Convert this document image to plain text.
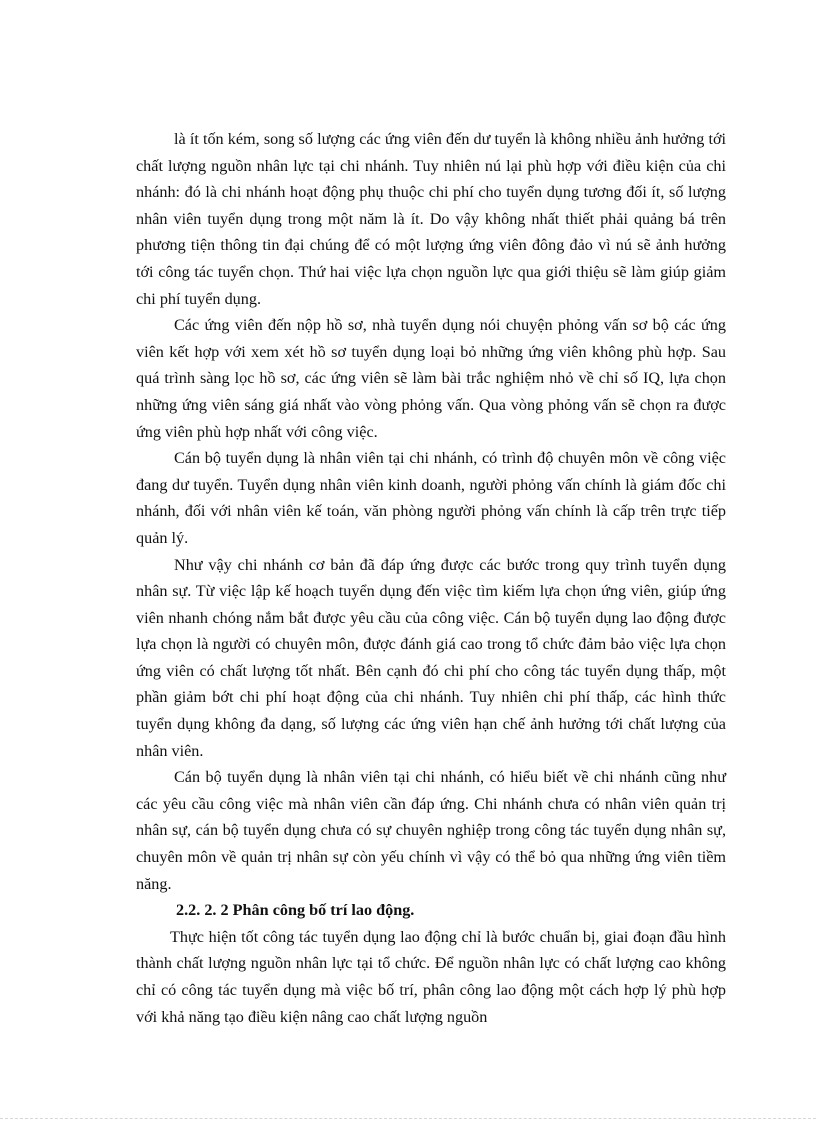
là ít tốn kém, song số lượng các ứng viên đến dư tuyển là không nhiều ảnh hưởng tới chất lượng nguồn nhân lực tại chi nhánh. Tuy nhiên nú lại phù hợp với điều kiện của chi nhánh: đó là chi nhánh hoạt động phụ thuộc chi phí cho tuyển dụng tương đối ít, số lượng nhân viên tuyển dụng trong một năm là ít. Do vậy không nhất thiết phải quảng bá trên phương tiện thông tin đại chúng để có một lượng ứng viên đông đảo vì nú sẽ ảnh hưởng tới công tác tuyển chọn. Thứ hai việc lựa chọn nguồn lực qua giới thiệu sẽ làm giúp giảm chi phí tuyển dụng.

Các ứng viên đến nộp hồ sơ, nhà tuyển dụng nói chuyện phỏng vấn sơ bộ các ứng viên kết hợp với xem xét hồ sơ tuyển dụng loại bỏ những ứng viên không phù hợp. Sau quá trình sàng lọc hồ sơ, các ứng viên sẽ làm bài trắc nghiệm nhỏ về chỉ số IQ, lựa chọn những ứng viên sáng giá nhất vào vòng phỏng vấn. Qua vòng phỏng vấn sẽ chọn ra được ứng viên phù hợp nhất với công việc.

Cán bộ tuyển dụng là nhân viên tại chi nhánh, có trình độ chuyên môn về công việc đang dư tuyển. Tuyển dụng nhân viên kinh doanh, người phỏng vấn chính là giám đốc chi nhánh, đối với nhân viên kế toán, văn phòng người phỏng vấn chính là cấp trên trực tiếp quản lý.

Như vậy chi nhánh cơ bản đã đáp ứng được các bước trong quy trình tuyển dụng nhân sự. Từ việc lập kế hoạch tuyển dụng đến việc tìm kiếm lựa chọn ứng viên, giúp ứng viên nhanh chóng nắm bắt được yêu cầu của công việc. Cán bộ tuyển dụng lao động được lựa chọn là người có chuyên môn, được đánh giá cao trong tổ chức đảm bảo việc lựa chọn ứng viên có chất lượng tốt nhất. Bên cạnh đó chi phí cho công tác tuyển dụng thấp, một phần giảm bớt chi phí hoạt động của chi nhánh. Tuy nhiên chi phí thấp, các hình thức tuyển dụng không đa dạng, số lượng các ứng viên hạn chế ảnh hưởng tới chất lượng của nhân viên.

Cán bộ tuyển dụng là nhân viên tại chi nhánh, có hiểu biết về chi nhánh cũng như các yêu cầu công việc mà nhân viên cần đáp ứng. Chi nhánh chưa có nhân viên quản trị nhân sự, cán bộ tuyển dụng chưa có sự chuyên nghiệp trong công tác tuyển dụng nhân sự, chuyên môn về quản trị nhân sự còn yếu chính vì vậy có thể bỏ qua những ứng viên tiềm năng.

2.2. 2. 2 Phân công bố trí lao động.

Thực hiện tốt công tác tuyển dụng lao động chỉ là bước chuẩn bị, giai đoạn đầu hình thành chất lượng nguồn nhân lực tại tổ chức. Để nguồn nhân lực có chất lượng cao không chỉ có công tác tuyển dụng mà việc bố trí, phân công lao động một cách hợp lý phù hợp với khả năng tạo điều kiện nâng cao chất lượng nguồn
